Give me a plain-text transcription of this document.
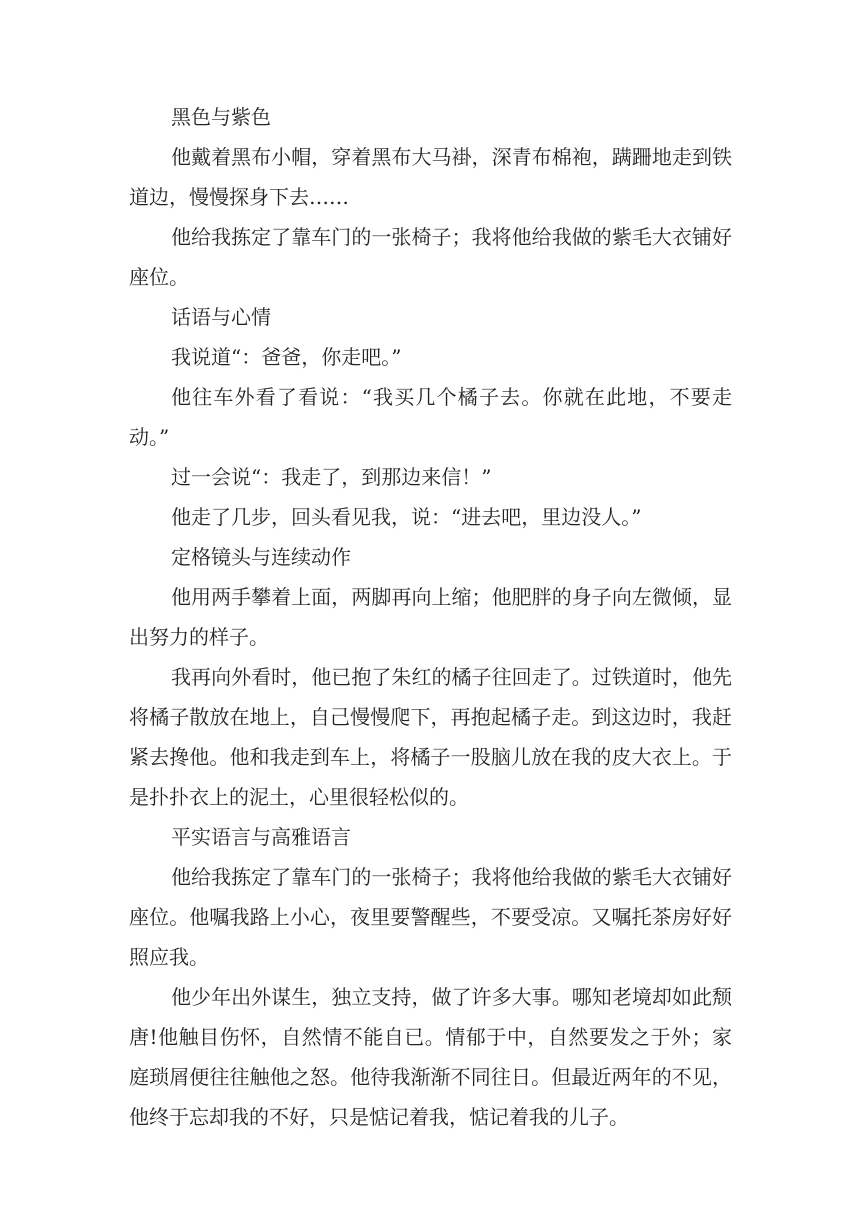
黑色与紫色

他戴着黑布小帽，穿着黑布大马褂，深青布棉袍，蹒跚地走到铁道边，慢慢探身下去……

他给我拣定了靠车门的一张椅子；我将他给我做的紫毛大衣铺好座位。

话语与心情

我说道“：爸爸，你走吧。”

他往车外看了看说：“我买几个橘子去。你就在此地，不要走动。”

过一会说“：我走了，到那边来信！”

他走了几步，回头看见我，说：“进去吧，里边没人。”

定格镜头与连续动作

他用两手攀着上面，两脚再向上缩；他肥胖的身子向左微倾，显出努力的样子。

我再向外看时，他已抱了朱红的橘子往回走了。过铁道时，他先将橘子散放在地上，自己慢慢爬下，再抱起橘子走。到这边时，我赶紧去搀他。他和我走到车上，将橘子一股脑儿放在我的皮大衣上。于是扑扑衣上的泥土，心里很轻松似的。

平实语言与高雅语言

他给我拣定了靠车门的一张椅子；我将他给我做的紫毛大衣铺好座位。他嘱我路上小心，夜里要警醒些，不要受凉。又嘱托茶房好好照应我。

他少年出外谋生，独立支持，做了许多大事。哪知老境却如此颓唐!他触目伤怀，自然情不能自已。情郁于中，自然要发之于外；家庭琐屑便往往触他之怒。他待我渐渐不同往日。但最近两年的不见，他终于忘却我的不好，只是惦记着我，惦记着我的儿子。
